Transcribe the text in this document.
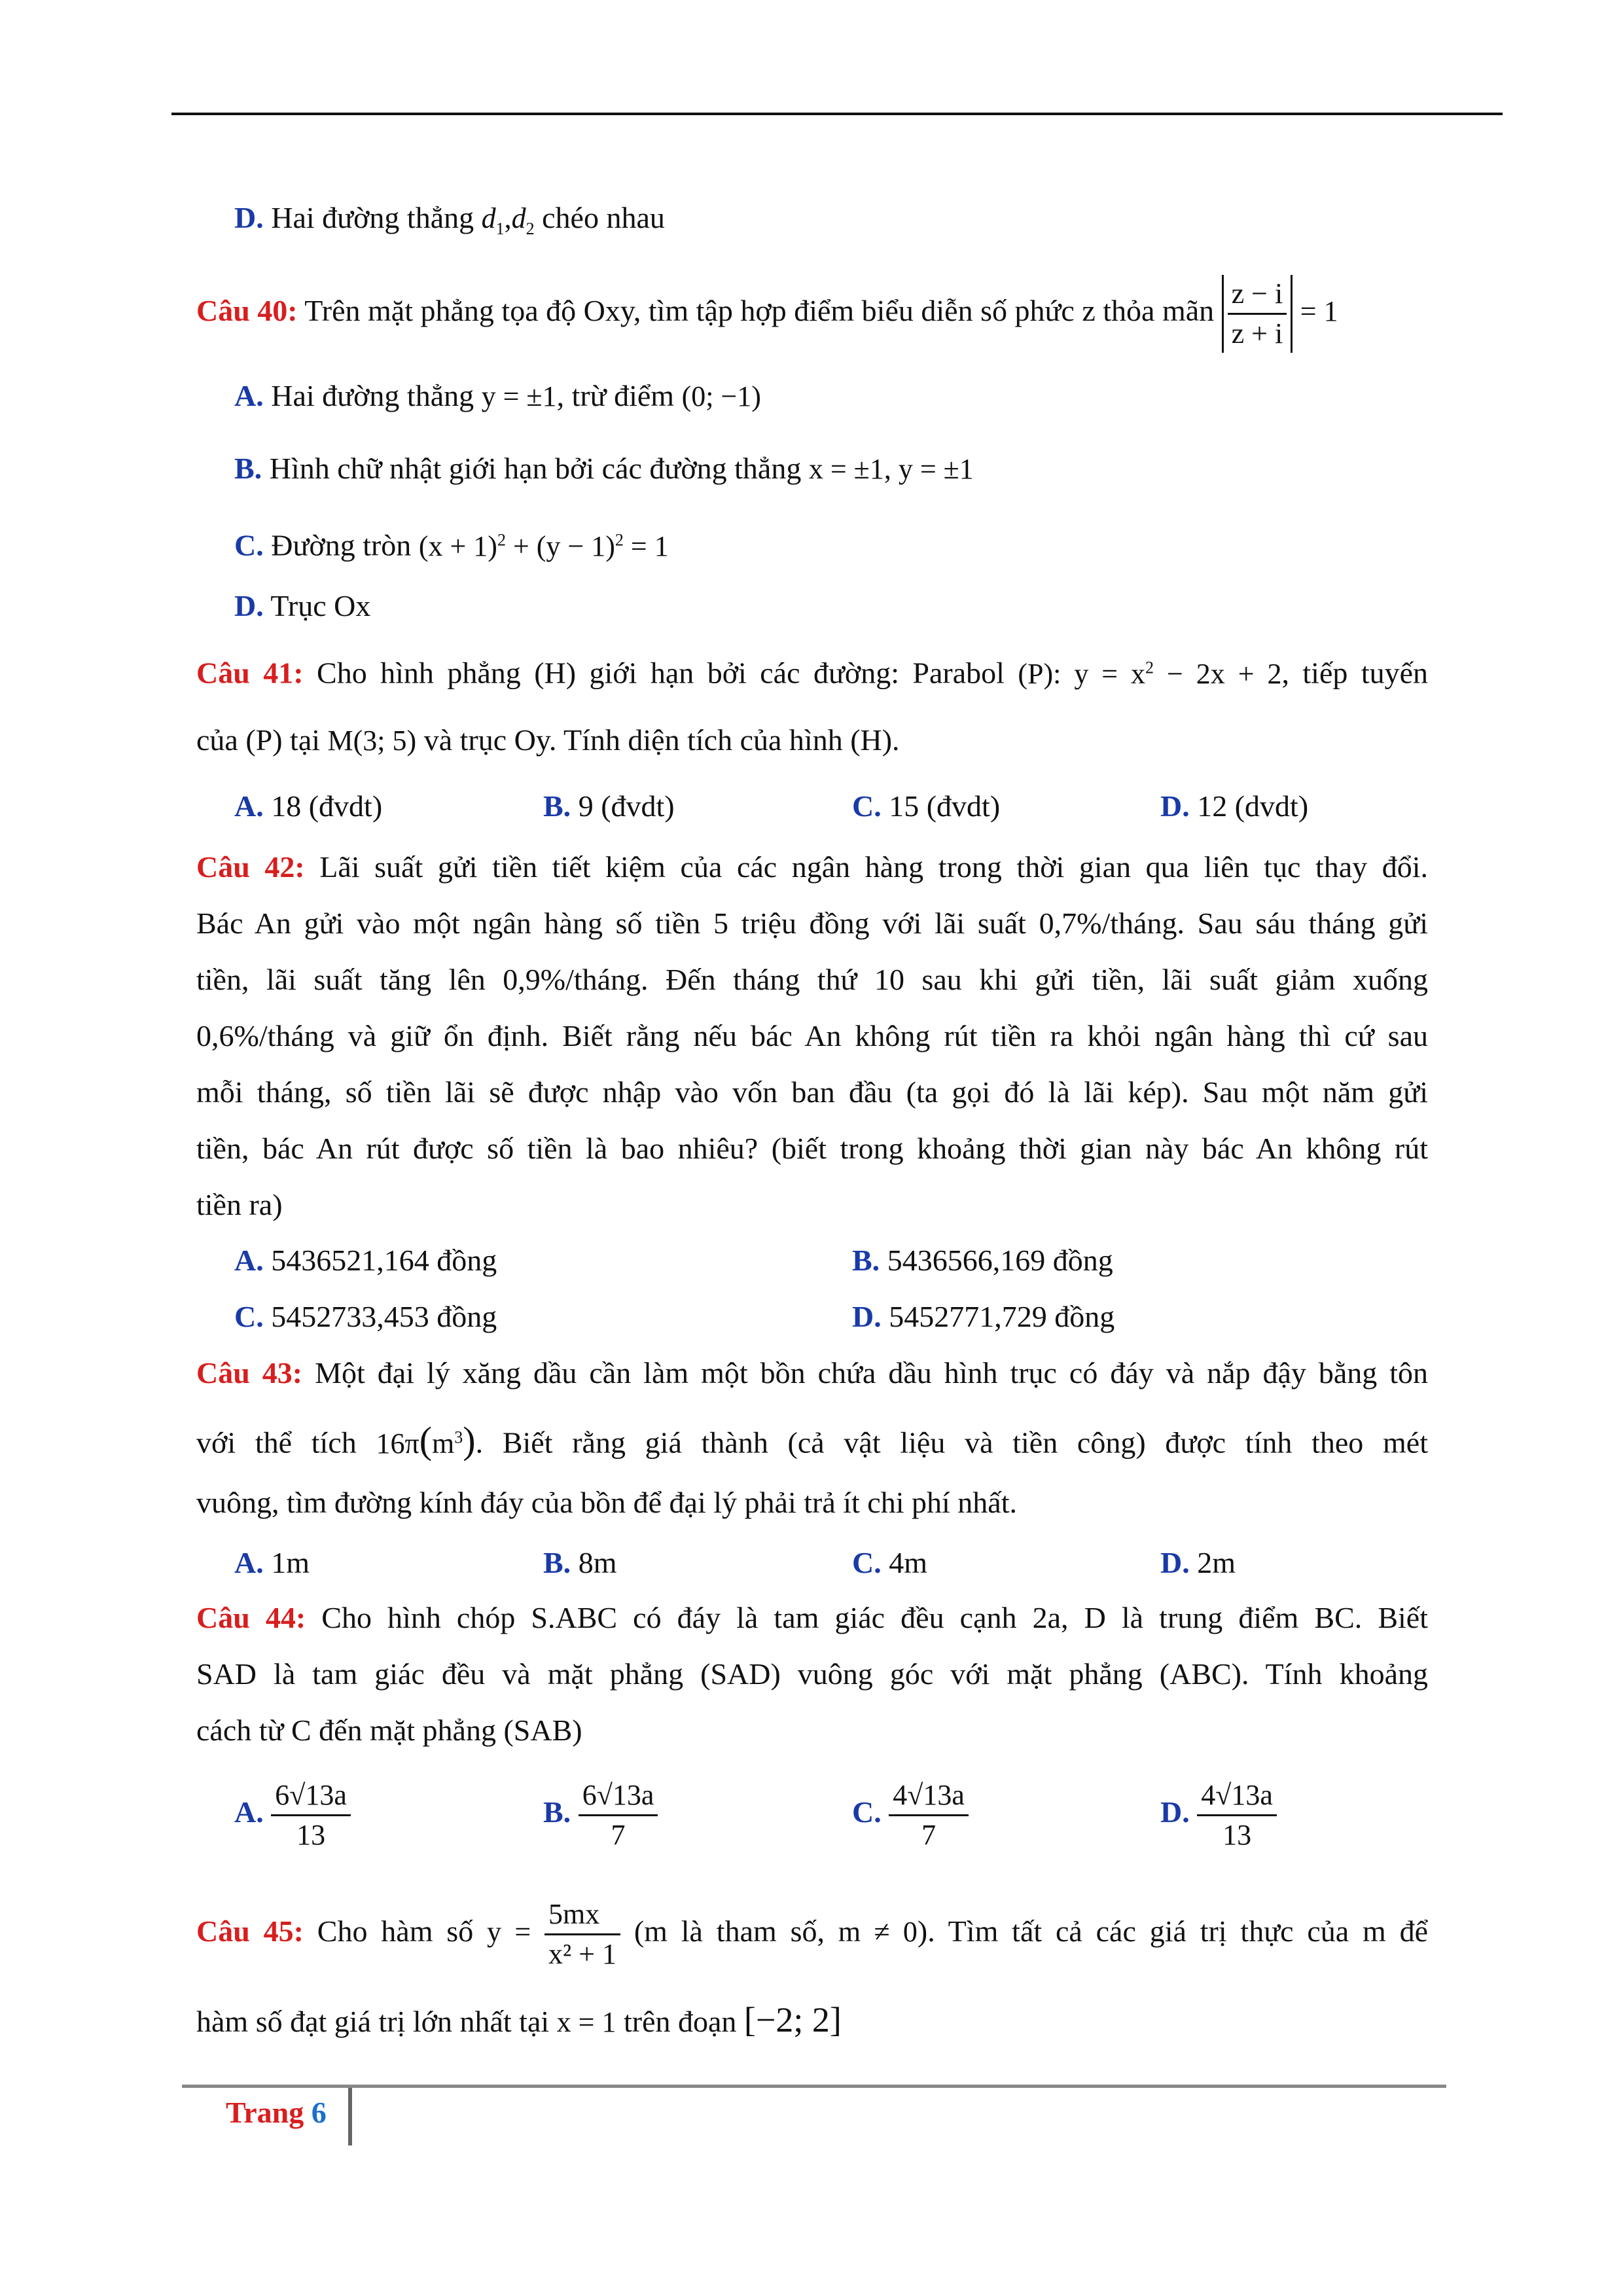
D. Hai đường thẳng $d_1,d_2$ chéo nhau
Câu 40: Trên mặt phẳng tọa độ Oxy, tìm tập hợp điểm biểu diễn số phức z thỏa mãn $\frac{z - i}{z + i} = 1$
A. Hai đường thẳng y = ±1, trừ điểm (0; −1)
B. Hình chữ nhật giới hạn bởi các đường thẳng x = ±1, y = ±1
C. Đường tròn $(x + 1)^2 + (y - 1)^2 = 1$
D. Trục Ox
Câu 41: Cho hình phẳng (H) giới hạn bởi các đường: Parabol (P): $y = x^2 - 2x + 2$, tiếp tuyến
của (P) tại M(3; 5) và trục Oy. Tính diện tích của hình (H).
A. 18 (đvdt)	B. 9 (đvdt)	C. 15 (đvdt)	D. 12 (dvdt)
Câu 42: Lãi suất gửi tiền tiết kiệm của các ngân hàng trong thời gian qua liên tục thay đổi.
Bác An gửi vào một ngân hàng số tiền 5 triệu đồng với lãi suất 0,7%/tháng. Sau sáu tháng gửi
tiền, lãi suất tăng lên 0,9%/tháng. Đến tháng thứ 10 sau khi gửi tiền, lãi suất giảm xuống
0,6%/tháng và giữ ổn định. Biết rằng nếu bác An không rút tiền ra khỏi ngân hàng thì cứ sau
mỗi tháng, số tiền lãi sẽ được nhập vào vốn ban đầu (ta gọi đó là lãi kép). Sau một năm gửi
tiền, bác An rút được số tiền là bao nhiêu? (biết trong khoảng thời gian này bác An không rút
tiền ra)
A. 5436521,164 đồng	B. 5436566,169 đồng
C. 5452733,453 đồng	D. 5452771,729 đồng
Câu 43: Một đại lý xăng dầu cần làm một bồn chứa dầu hình trục có đáy và nắp đậy bằng tôn
với thể tích $16\pi(m^3)$. Biết rằng giá thành (cả vật liệu và tiền công) được tính theo mét
vuông, tìm đường kính đáy của bồn để đại lý phải trả ít chi phí nhất.
A. 1m	B. 8m	C. 4m	D. 2m
Câu 44: Cho hình chóp S.ABC có đáy là tam giác đều cạnh 2a, D là trung điểm BC. Biết
SAD là tam giác đều và mặt phẳng (SAD) vuông góc với mặt phẳng (ABC). Tính khoảng
cách từ C đến mặt phẳng (SAB)
A. $\frac{6√13a}{13}$	B. $\frac{6√13a}{7}$	C. $\frac{4√13a}{7}$	D. $\frac{4√13a}{13}$
Câu 45: Cho hàm số $y = \frac{5mx}{\text{x² + 1}} (m$ là tham số, m ≠ 0). Tìm tất cả các giá trị thực của m để
hàm số đạt giá trị lớn nhất tại x = 1 trên đoạn [−2; 2]
Trang 6
